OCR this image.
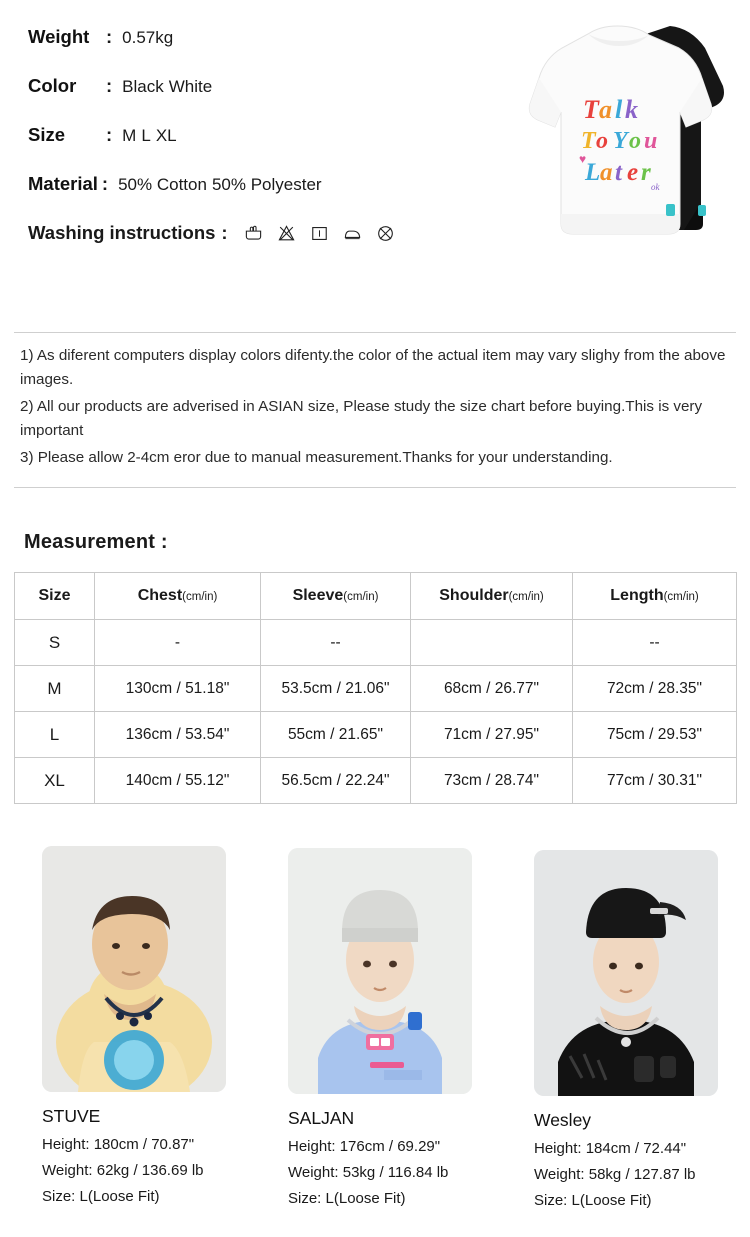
Weight : 0.57kg
Color	: Black
White
Size	: M
L
XL
Material : 50% Cotton
50% Polyester
Washing instructions :
T a l k
T o Y o u
L a t e r
♥
ok

1) As diferent computers display colors difenty.the color of the actual item may vary slighy from the above images.

2) All our products are adverised in ASIAN size, Please study the size chart before buying.This is very important

3) Please allow 2-4cm eror due to manual measurement.Thanks for your understanding.

Measurement :
Size	Chest(cm/in)	Sleeve(cm/in)	Shoulder(cm/in)	Length(cm/in)
S	-	--		--
M	130cm / 51.18"	53.5cm / 21.06"	68cm / 26.77"	72cm / 28.35"
L	136cm / 53.54"	55cm / 21.65"	71cm / 27.95"	75cm / 29.53"
XL	140cm / 55.12"	56.5cm / 22.24"	73cm / 28.74"	77cm / 30.31"
STUVE
Height: 180cm / 70.87"
Weight: 62kg / 136.69 lb
Size: L(Loose Fit)
SALJAN
Height: 176cm / 69.29"
Weight: 53kg / 116.84 lb
Size: L(Loose Fit)
Wesley
Height: 184cm / 72.44"
Weight: 58kg / 127.87 lb
Size: L(Loose Fit)
